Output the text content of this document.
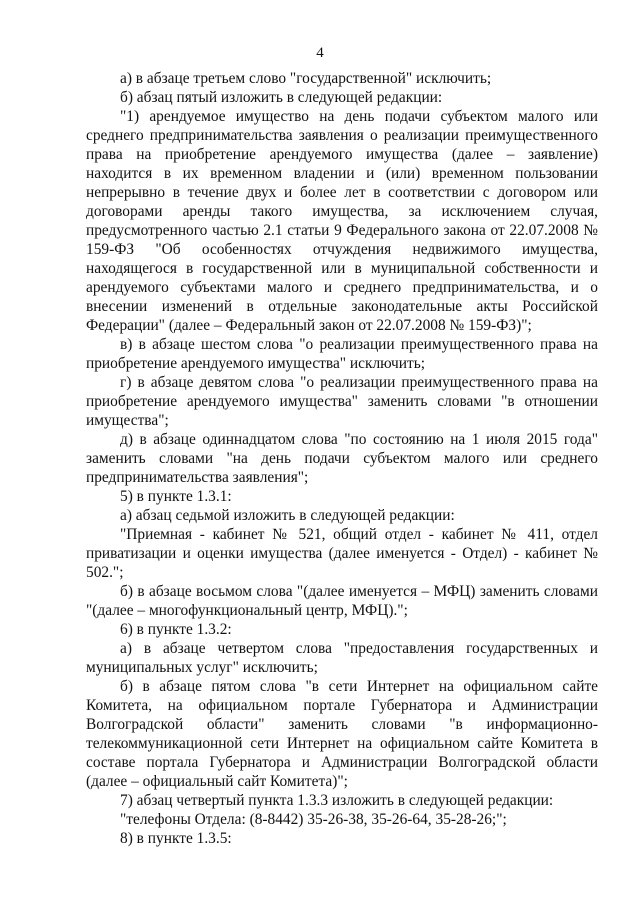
4

а) в абзаце третьем слово "государственной" исключить;

б) абзац пятый изложить в следующей редакции:

"1) арендуемое имущество на день подачи субъектом малого или среднего предпринимательства заявления о реализации преимущественного права на приобретение арендуемого имущества (далее – заявление) находится в их временном владении и (или) временном пользовании непрерывно в течение двух и более лет в соответствии с договором или договорами аренды такого имущества, за исключением случая, предусмотренного частью 2.1 статьи 9 Федерального закона от 22.07.2008 № 159-ФЗ "Об особенностях отчуждения недвижимого имущества, находящегося в государственной или в муниципальной собственности и арендуемого субъектами малого и среднего предпринимательства, и о внесении изменений в отдельные законодательные акты Российской Федерации" (далее – Федеральный закон от 22.07.2008 № 159-ФЗ)";

в) в абзаце шестом слова "о реализации преимущественного права на приобретение арендуемого имущества" исключить;

г) в абзаце девятом слова "о реализации преимущественного права на приобретение арендуемого имущества" заменить словами "в отношении имущества";

д) в абзаце одиннадцатом слова "по состоянию на 1 июля 2015 года" заменить словами "на день подачи субъектом малого или среднего предпринимательства заявления";

5) в пункте 1.3.1:

а) абзац седьмой изложить в следующей редакции:

"Приемная - кабинет № 521, общий отдел - кабинет № 411, отдел приватизации и оценки имущества (далее именуется - Отдел) - кабинет № 502.";

б) в абзаце восьмом слова "(далее именуется – МФЦ) заменить словами "(далее – многофункциональный центр, МФЦ).";

6) в пункте 1.3.2:

а) в абзаце четвертом слова "предоставления государственных и муниципальных услуг" исключить;

б) в абзаце пятом слова "в сети Интернет на официальном сайте Комитета, на официальном портале Губернатора и Администрации Волгоградской области" заменить словами "в информационно-телекоммуникационной сети Интернет на официальном сайте Комитета в составе портала Губернатора и Администрации Волгоградской области (далее – официальный сайт Комитета)";

7) абзац четвертый пункта 1.3.3 изложить в следующей редакции:

"телефоны Отдела: (8-8442) 35-26-38, 35-26-64, 35-28-26;";

8) в пункте 1.3.5:
